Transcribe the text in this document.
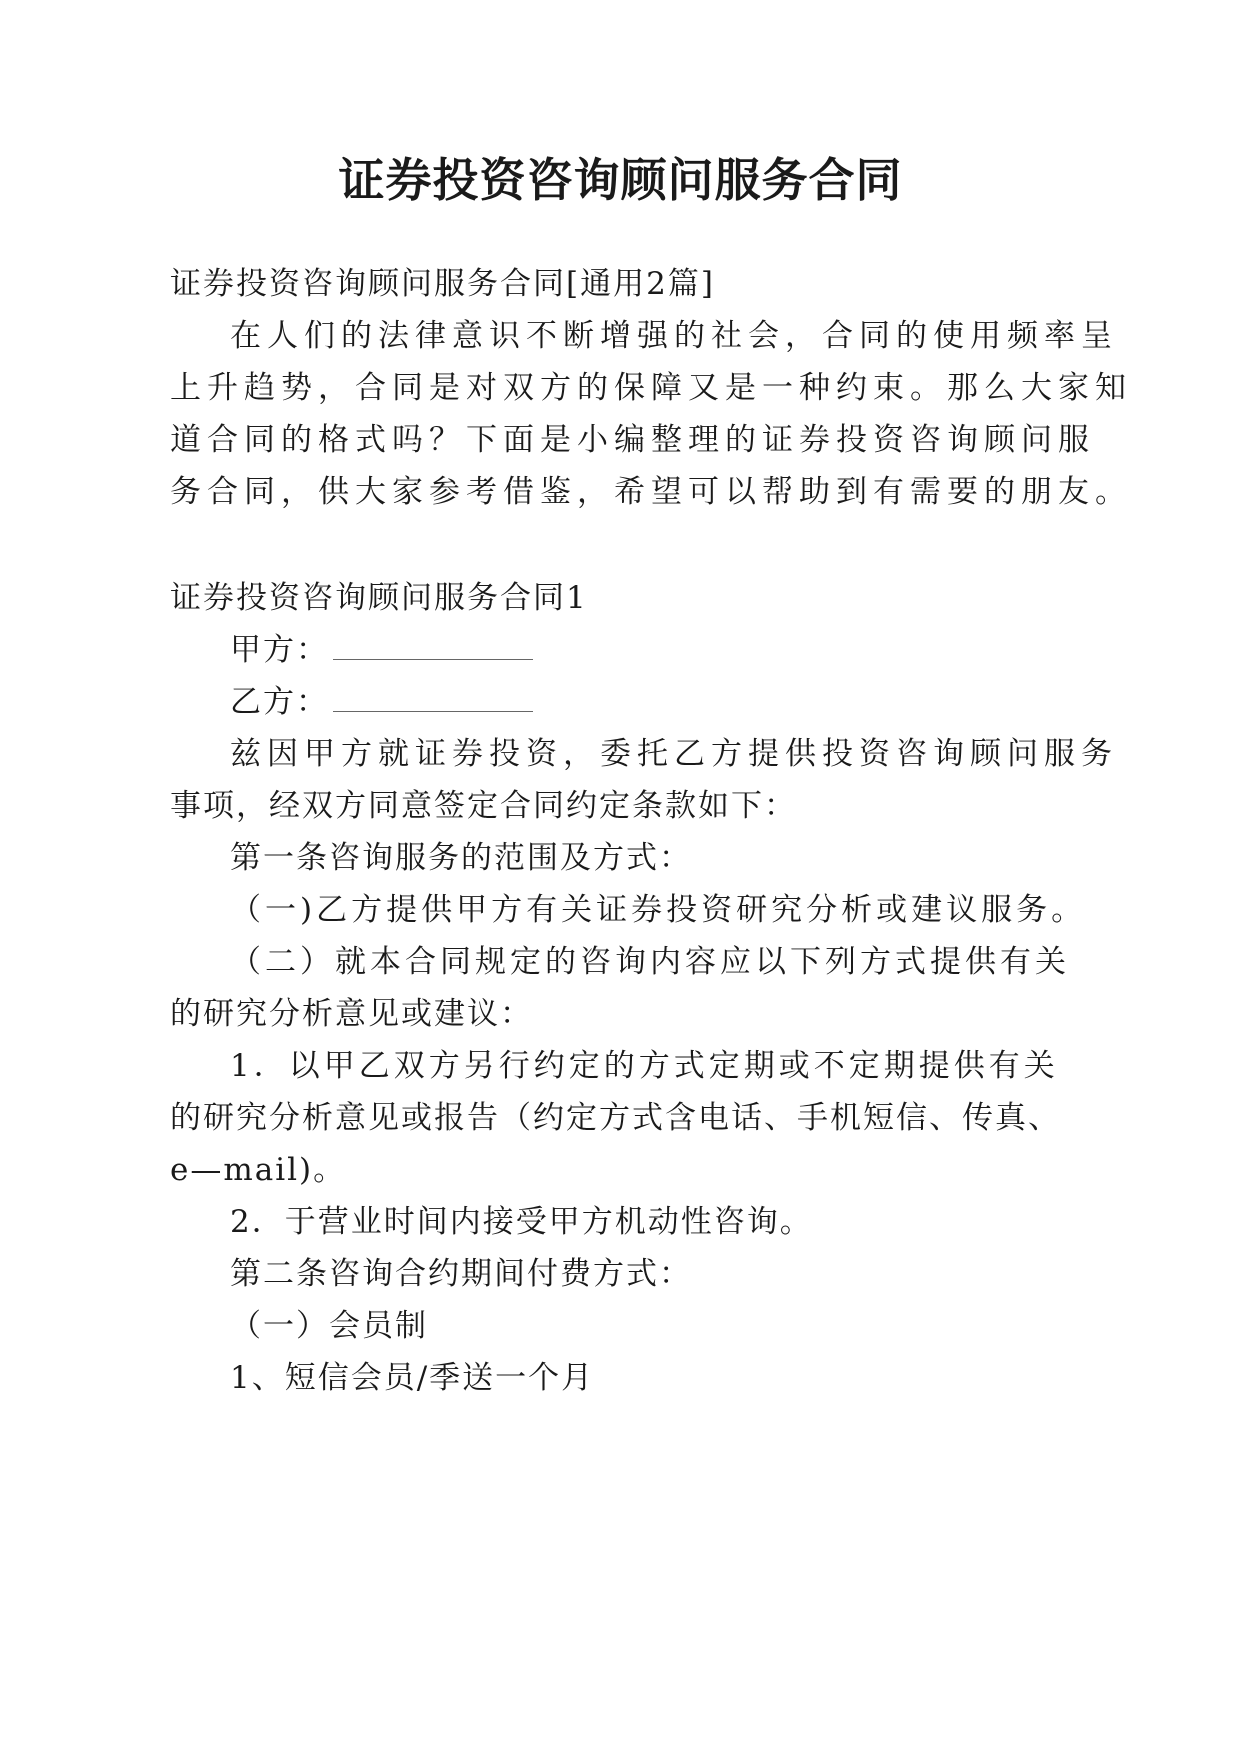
证券投资咨询顾问服务合同

证券投资咨询顾问服务合同[通用2篇]

在人们的法律意识不断增强的社会，合同的使用频率呈

上升趋势，合同是对双方的保障又是一种约束。那么大家知

道合同的格式吗？下面是小编整理的证券投资咨询顾问服

务合同，供大家参考借鉴，希望可以帮助到有需要的朋友。

证券投资咨询顾问服务合同1

甲方：
乙方：

兹因甲方就证券投资，委托乙方提供投资咨询顾问服务

事项，经双方同意签定合同约定条款如下：

第一条咨询服务的范围及方式：

（一)乙方提供甲方有关证券投资研究分析或建议服务。

（二）就本合同规定的咨询内容应以下列方式提供有关

的研究分析意见或建议：

1．以甲乙双方另行约定的方式定期或不定期提供有关

的研究分析意见或报告（约定方式含电话、手机短信、传真、

e—mail)。

2．于营业时间内接受甲方机动性咨询。

第二条咨询合约期间付费方式：

（一）会员制

1、短信会员/季送一个月
